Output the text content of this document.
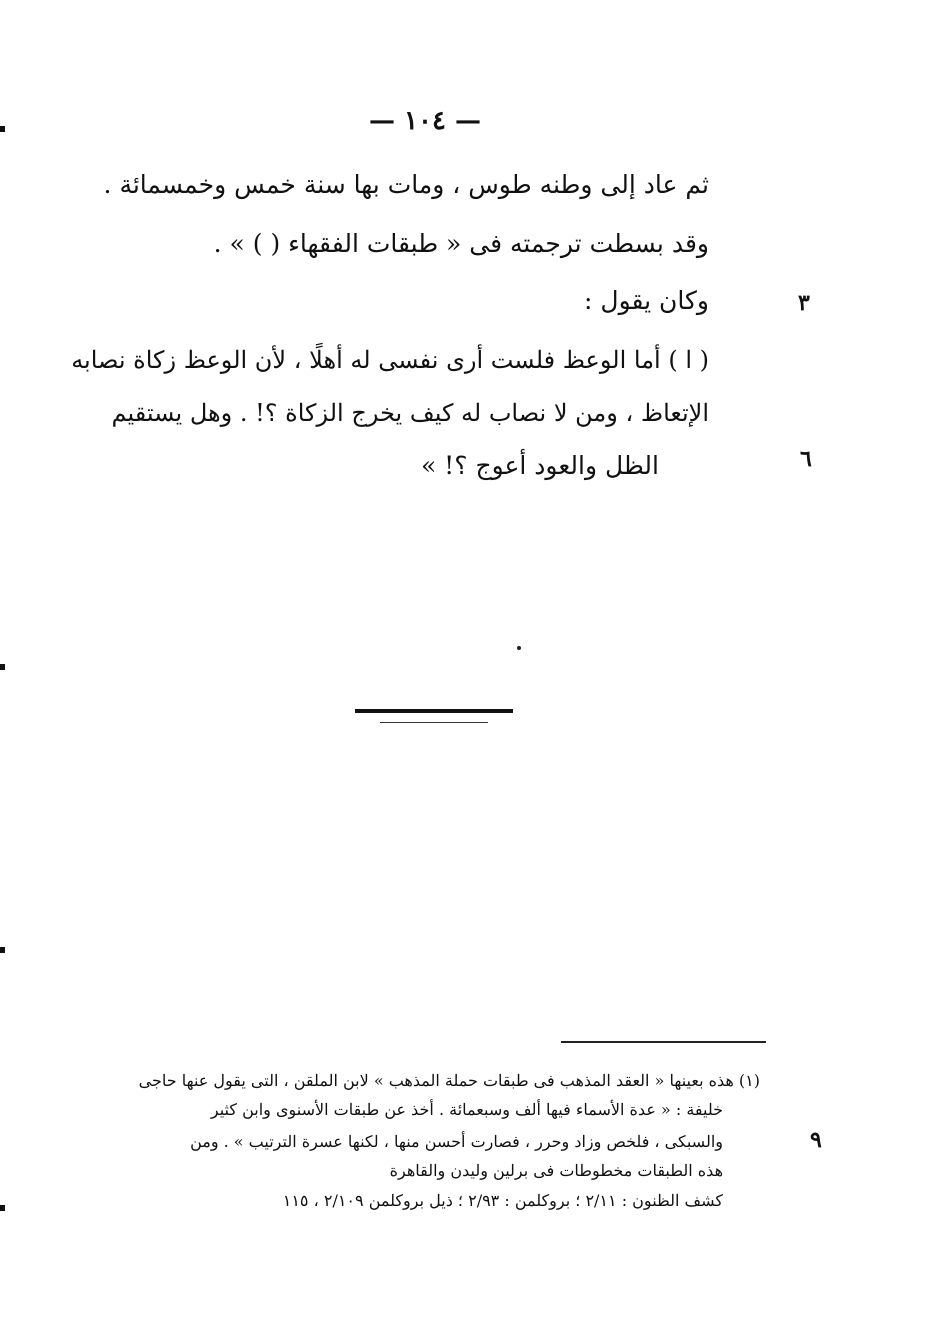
— ١٠٤ —
ثم عاد إلى وطنه طوس ، ومات بها سنة خمس وخمسمائة .
وقد بسطت ترجمته فى « طبقات الفقهاء ( ) » .
وكان يقول :
( ا ) أما الوعظ فلست أرى نفسى له أهلًا ، لأن الوعظ زكاة نصابه
الإتعاظ ، ومن لا نصاب له كيف يخرج الزكاة ؟! . وهل يستقيم
الظل والعود أعوج ؟! »
٣
٦
٩
(١) هذه بعينها « العقد المذهب فى طبقات حملة المذهب » لابن الملقن ، التى يقول عنها حاجى
خليفة : « عدة الأسماء فيها ألف وسبعمائة . أخذ عن طبقات الأسنوى وابن كثير
والسبكى ، فلخص وزاد وحرر ، فصارت أحسن منها ، لكنها عسرة الترتيب » . ومن
هذه الطبقات مخطوطات فى برلين وليدن والقاهرة
كشف الظنون : ٢/١١ ؛ بروكلمن : ٢/٩٣ ؛ ذيل بروكلمن ٢/١٠٩ ، ١١٥
